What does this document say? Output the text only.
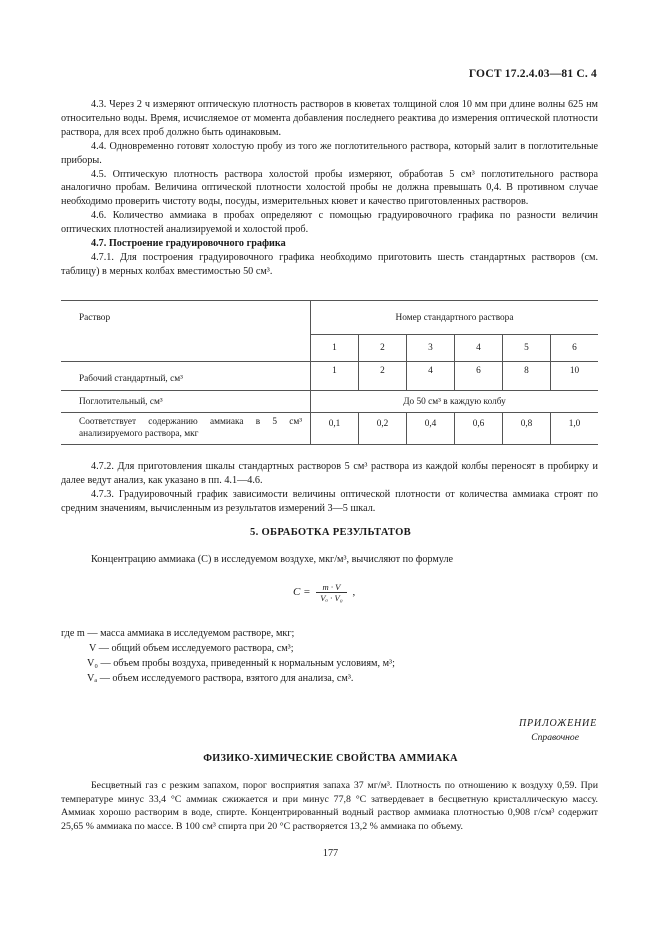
ГОСТ 17.2.4.03—81 С. 4

4.3. Через 2 ч измеряют оптическую плотность растворов в кюветах толщиной слоя 10 мм при длине волны 625 нм относительно воды. Время, исчисляемое от момента добавления последнего реактива до измерения оптической плотности раствора, для всех проб должно быть одинаковым.

4.4. Одновременно готовят холостую пробу из того же поглотительного раствора, который залит в поглотительные приборы.

4.5. Оптическую плотность раствора холостой пробы измеряют, обработав 5 см³ поглотительного раствора аналогично пробам. Величина оптической плотности холостой пробы не должна превышать 0,4. В противном случае необходимо проверить чистоту воды, посуды, измерительных кювет и качество приготовленных растворов.

4.6. Количество аммиака в пробах определяют с помощью градуировочного графика по разности величин оптических плотностей анализируемой и холостой проб.

4.7. Построение градуировочного графика

4.7.1. Для построения градуировочного графика необходимо приготовить шесть стандартных растворов (см. таблицу) в мерных колбах вместимостью 50 см³.

Раствор	Номер стандартного раствора					
	1	2	3	4	5	6
Рабочий стандартный, см³	1	2	4	6	8	10
Поглотительный, см³	До 50 см³ в каждую колбу					
Соответствует содержанию аммиака в 5 см³ анализируемого раствора, мкг	0,1	0,2	0,4	0,6	0,8	1,0

4.7.2. Для приготовления шкалы стандартных растворов 5 см³ раствора из каждой колбы переносят в пробирку и далее ведут анализ, как указано в пп. 4.1—4.6.

4.7.3. Градуировочный график зависимости величины оптической плотности от количества аммиака строят по средним значениям, вычисленным из результатов измерений 3—5 шкал.

5. ОБРАБОТКА РЕЗУЛЬТАТОВ

Концентрацию аммиака (С) в исследуемом воздухе, мкг/м³, вычисляют по формуле

$С = \frac{m \cdot V}{\text{Vₐ · V₀}}$ ,
где m — масса аммиака в исследуемом растворе, мкг;
V — общий объем исследуемого раствора, см³;
V₀ — объем пробы воздуха, приведенный к нормальным условиям, м³;
Vₐ — объем исследуемого раствора, взятого для анализа, см³.
ПРИЛОЖЕНИЕ
Справочное
ФИЗИКО-ХИМИЧЕСКИЕ СВОЙСТВА АММИАКА

Бесцветный газ с резким запахом, порог восприятия запаха 37 мг/м³. Плотность по отношению к воздуху 0,59. При температуре минус 33,4 °С аммиак сжижается и при минус 77,8 °С затвердевает в бесцветную кристаллическую массу. Аммиак хорошо растворим в воде, спирте. Концентрированный водный раствор аммиака плотностью 0,908 г/см³ содержит 25,65 % аммиака по массе. В 100 см³ спирта при 20 °С растворяется 13,2 % аммиака по объему.

177
